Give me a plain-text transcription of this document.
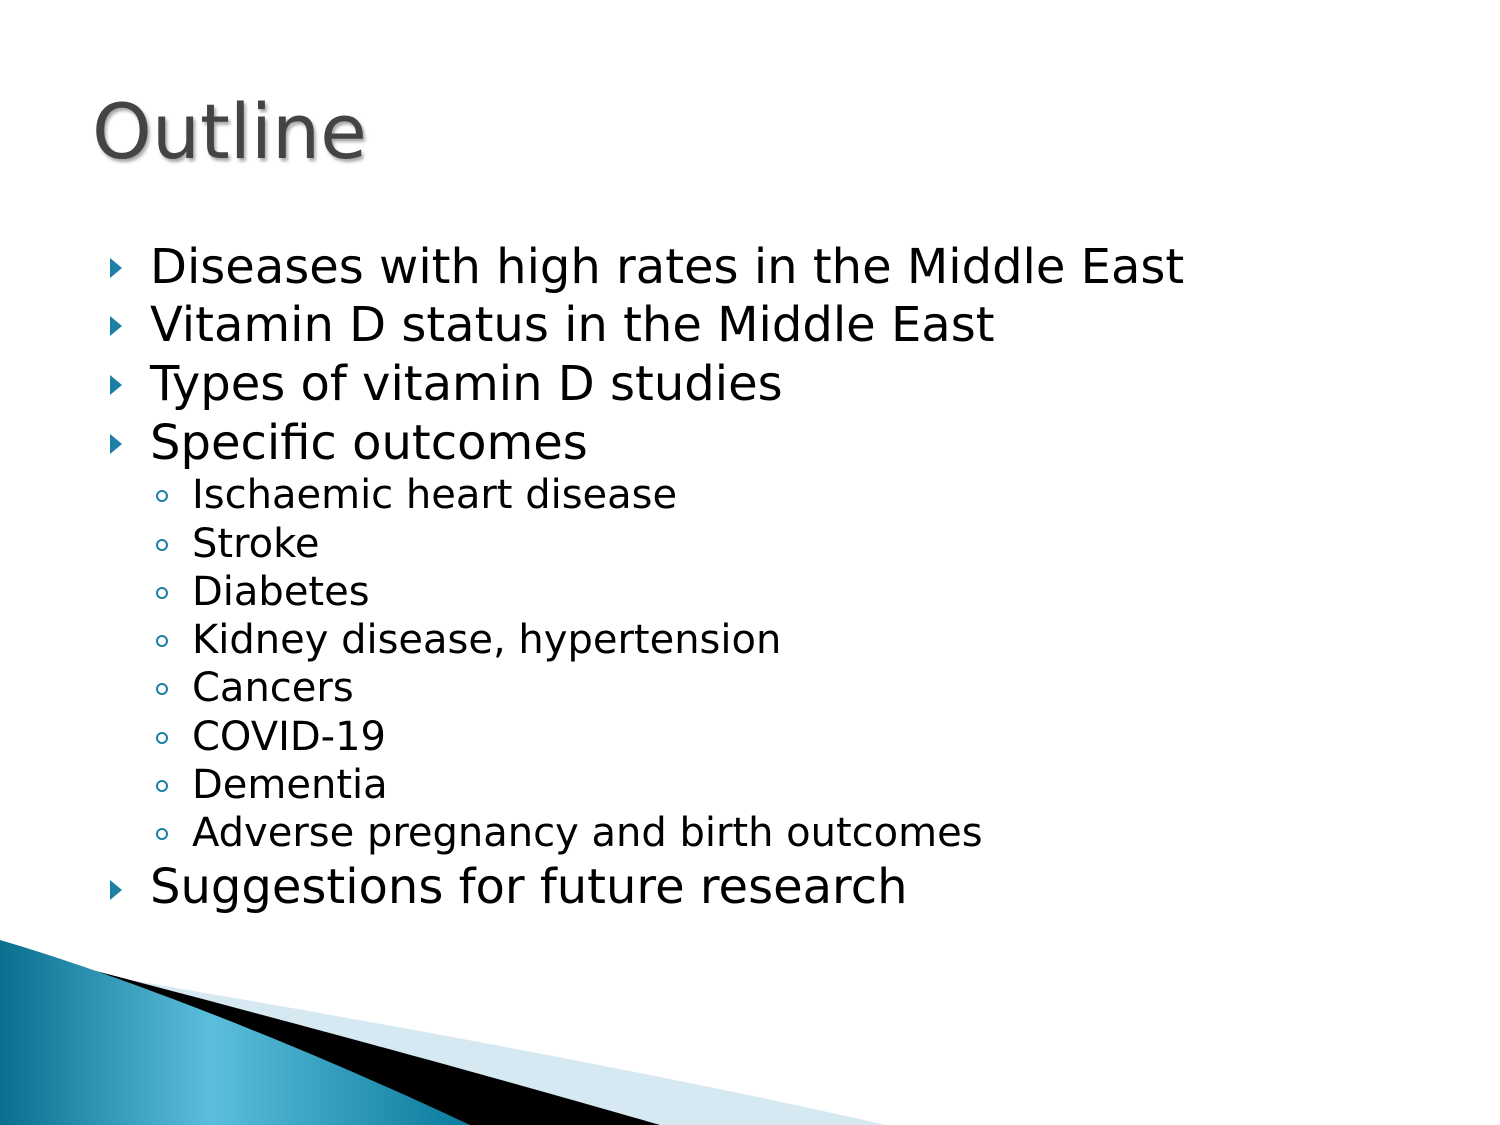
Outline
Diseases with high rates in the Middle East
Vitamin D status in the Middle East
Types of vitamin D studies
Specific outcomes
Ischaemic heart disease
Stroke
Diabetes
Kidney disease, hypertension
Cancers
COVID-19
Dementia
Adverse pregnancy and birth outcomes
Suggestions for future research
